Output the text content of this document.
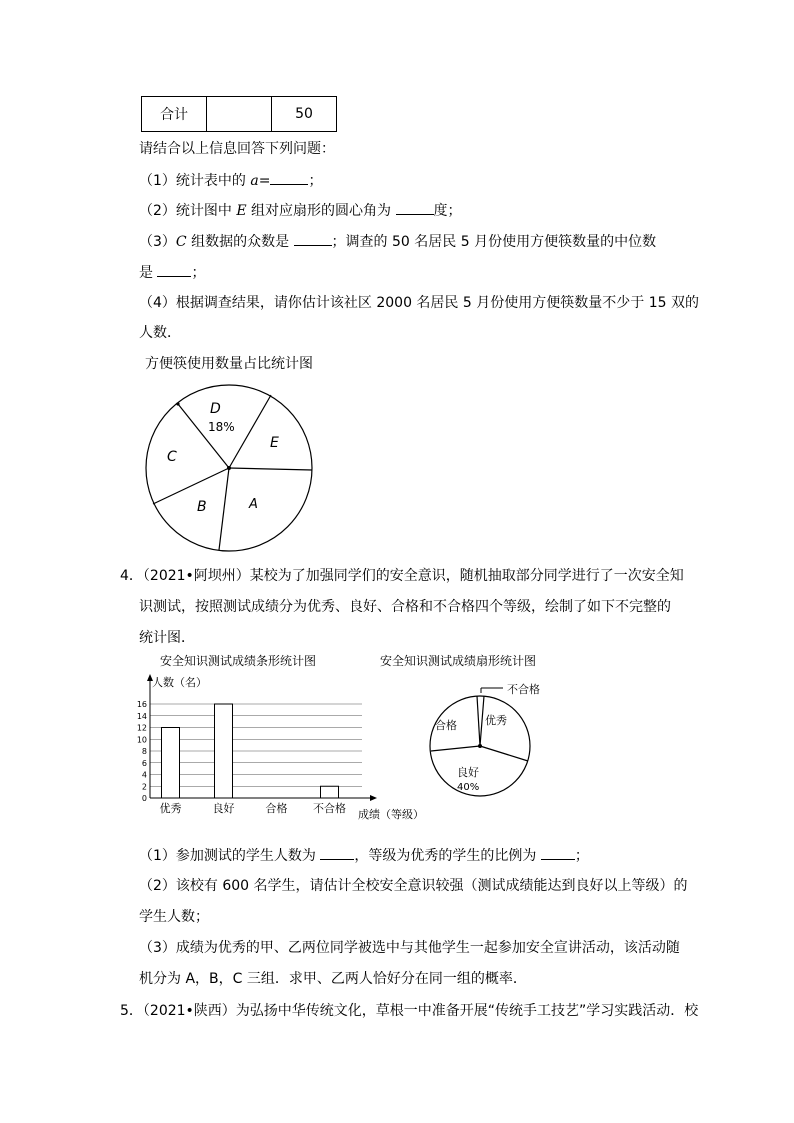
合计		50
请结合以上信息回答下列问题：
（1）统计表中的 a=	；
（2）统计图中 E 组对应扇形的圆心角为	度；
（3）C 组数据的众数是	；调查的 50 名居民 5 月份使用方便筷数量的中位数
是 ；
（4）根据调查结果，请你估计该社区 2000 名居民 5 月份使用方便筷数量不少于 15 双的
人数．
方便筷使用数量占比统计图
D
18%
E
C
B	A
4．（2021•阿坝州）某校为了加强同学们的安全意识，随机抽取部分同学进行了一次安全知
识测试，按照测试成绩分为优秀、良好、合格和不合格四个等级，绘制了如下不完整的
统计图．
安全知识测试成绩条形统计图
人数（名）
0
2
4
6
8
10
12
14
16
优秀	良好	合格 不合格 成绩（等级）
安全知识测试成绩扇形统计图
不合格
优秀
合格
良好
40%
（1）参加测试的学生人数为 ，等级为优秀的学生的比例为 ；
（2）该校有 600 名学生，请估计全校安全意识较强（测试成绩能达到良好以上等级）的
学生人数；
（3）成绩为优秀的甲、乙两位同学被选中与其他学生一起参加安全宣讲活动，该活动随
机分为 A，B，C 三组．求甲、乙两人恰好分在同一组的概率．
5．（2021•陕西）为弘扬中华传统文化，草根一中准备开展“传统手工技艺”学习实践活动．校
